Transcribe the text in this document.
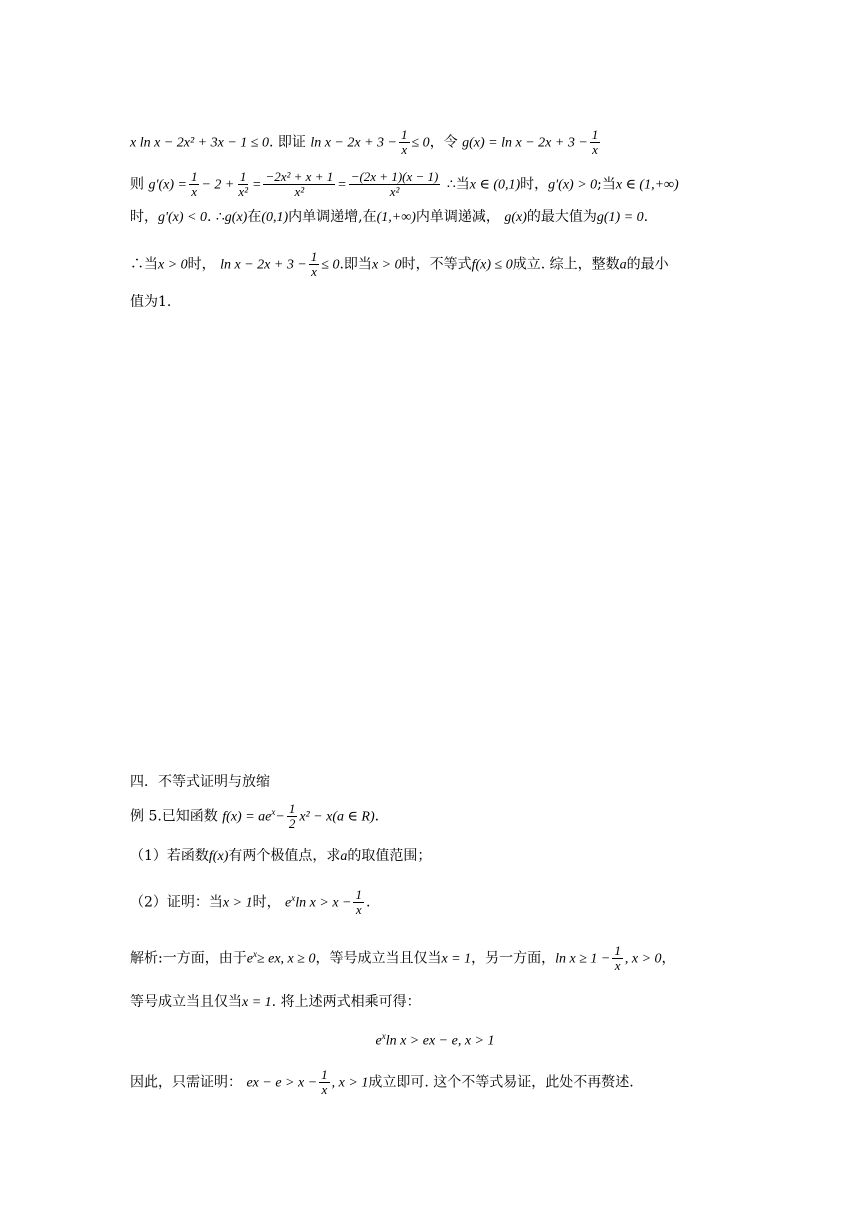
x ln x − 2x² + 3x − 1 ≤ 0. 即证 $\ln x - 2x + 3 - \frac{1}{x} \le 0$，令 $g(x) = \ln x - 2x + 3 - \frac{1}{x}$
则 $g'(x) = \frac{1}{x} - 2 + \frac{1}{\text{x²}} = \frac{\text{−2x² + x + 1}}{\text{x²}} = \frac{-(2x + 1)(x - 1)}{\text{x²}}$ ∴当x ∈ (0,1)时，g'(x) > 0;当x ∈ (1,+∞)
时，g'(x) < 0. ∴g(x)在(0,1)内单调递增,在(1,+∞)内单调递减， g(x)的最大值为g(1) = 0.
∴当x > 0时， $\ln x - 2x + 3 - \frac{1}{x} \le 0$.即当x > 0时，不等式f(x) ≤ 0成立. 综上，整数a的最小
值为1.
四．不等式证明与放缩
例 5.已知函数 $f(x) = ae^x- \frac{1}{2} x^2 - x(a$ ∈ R).
（1）若函数f(x)有两个极值点，求a的取值范围；
（2）证明：当x > 1时， $e^x\ln$ $x > x - \frac{1}{x}$ .
解析:一方面，由于$e^x\ge$ ex, x ≥ 0，等号成立当且仅当x = 1，另一方面，$\ln x \ge 1 - \frac{1}{x}$ , x > 0，
等号成立当且仅当x = 1. 将上述两式相乘可得：
$e^x\ln$ x > ex − e, x > 1
因此，只需证明： ex − $e > x - \frac{1}{x}$ , x > 1成立即可. 这个不等式易证，此处不再赘述.
